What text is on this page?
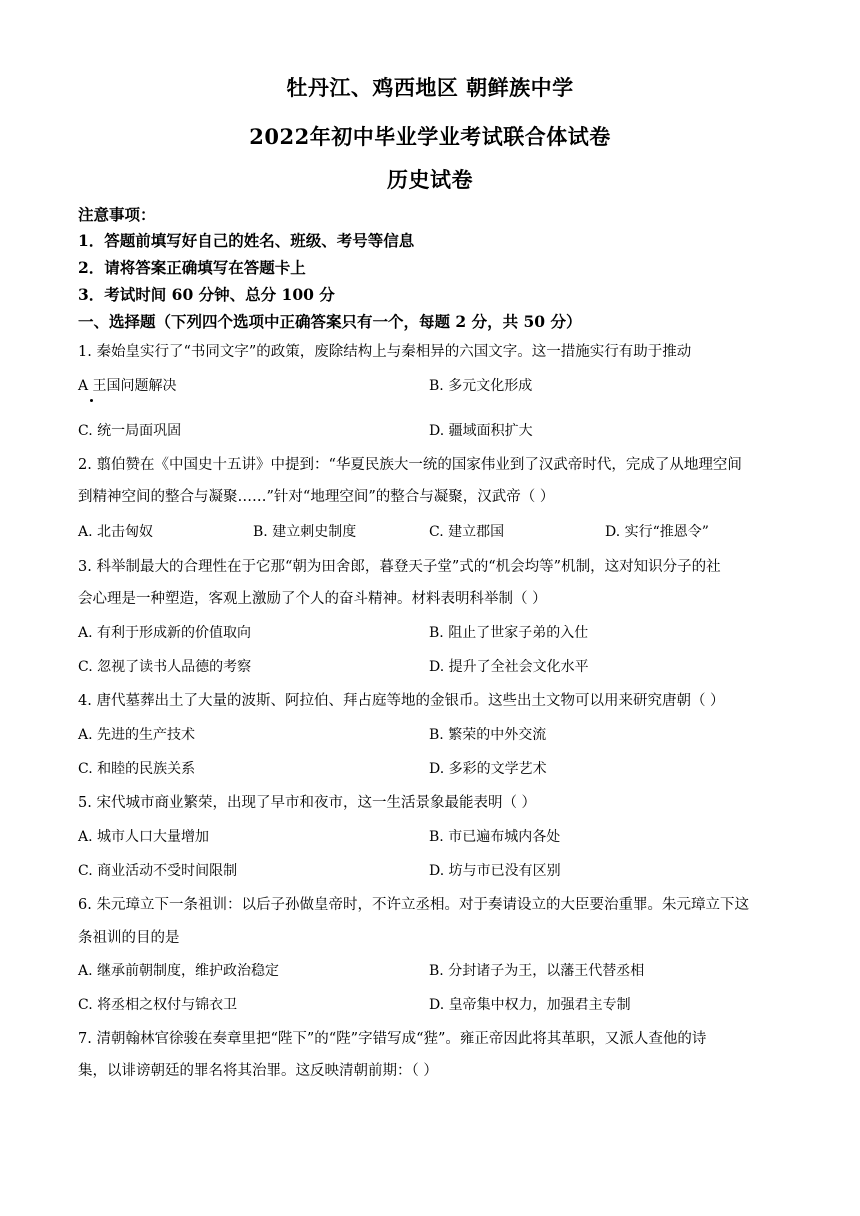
牡丹江、鸡西地区 朝鲜族中学
2022年初中毕业学业考试联合体试卷
历史试卷
注意事项：
1．答题前填写好自己的姓名、班级、考号等信息
2．请将答案正确填写在答题卡上
3．考试时间 60 分钟、总分 100 分
一、选择题（下列四个选项中正确答案只有一个，每题 2 分，共 50 分）
1. 秦始皇实行了“书同文字”的政策，废除结构上与秦相异的六国文字。这一措施实行有助于推动
A 王国问题解决	B. 多元文化形成
C. 统一局面巩固	D. 疆域面积扩大
2. 翦伯赞在《中国史十五讲》中提到：“华夏民族大一统的国家伟业到了汉武帝时代，完成了从地理空间
到精神空间的整合与凝聚……”针对“地理空间”的整合与凝聚，汉武帝（ ）
A. 北击匈奴	B. 建立刺史制度	C. 建立郡国	D. 实行“推恩令”
3. 科举制最大的合理性在于它那“朝为田舍郎，暮登天子堂”式的“机会均等”机制，这对知识分子的社
会心理是一种塑造，客观上激励了个人的奋斗精神。材料表明科举制（ ）
A. 有利于形成新的价值取向	B. 阻止了世家子弟的入仕
C. 忽视了读书人品德的考察	D. 提升了全社会文化水平
4. 唐代墓葬出土了大量的波斯、阿拉伯、拜占庭等地的金银币。这些出土文物可以用来研究唐朝（ ）
A. 先进的生产技术	B. 繁荣的中外交流
C. 和睦的民族关系	D. 多彩的文学艺术
5. 宋代城市商业繁荣，出现了早市和夜市，这一生活景象最能表明（ ）
A. 城市人口大量增加	B. 市已遍布城内各处
C. 商业活动不受时间限制	D. 坊与市已没有区别
6. 朱元璋立下一条祖训：以后子孙做皇帝时，不许立丞相。对于奏请设立的大臣要治重罪。朱元璋立下这
条祖训的目的是
A. 继承前朝制度，维护政治稳定	B. 分封诸子为王，以藩王代替丞相
C. 将丞相之权付与锦衣卫	D. 皇帝集中权力，加强君主专制
7. 清朝翰林官徐骏在奏章里把“陛下”的“陛”字错写成“狴”。雍正帝因此将其革职，又派人查他的诗
集，以诽谤朝廷的罪名将其治罪。这反映清朝前期：（ ）
